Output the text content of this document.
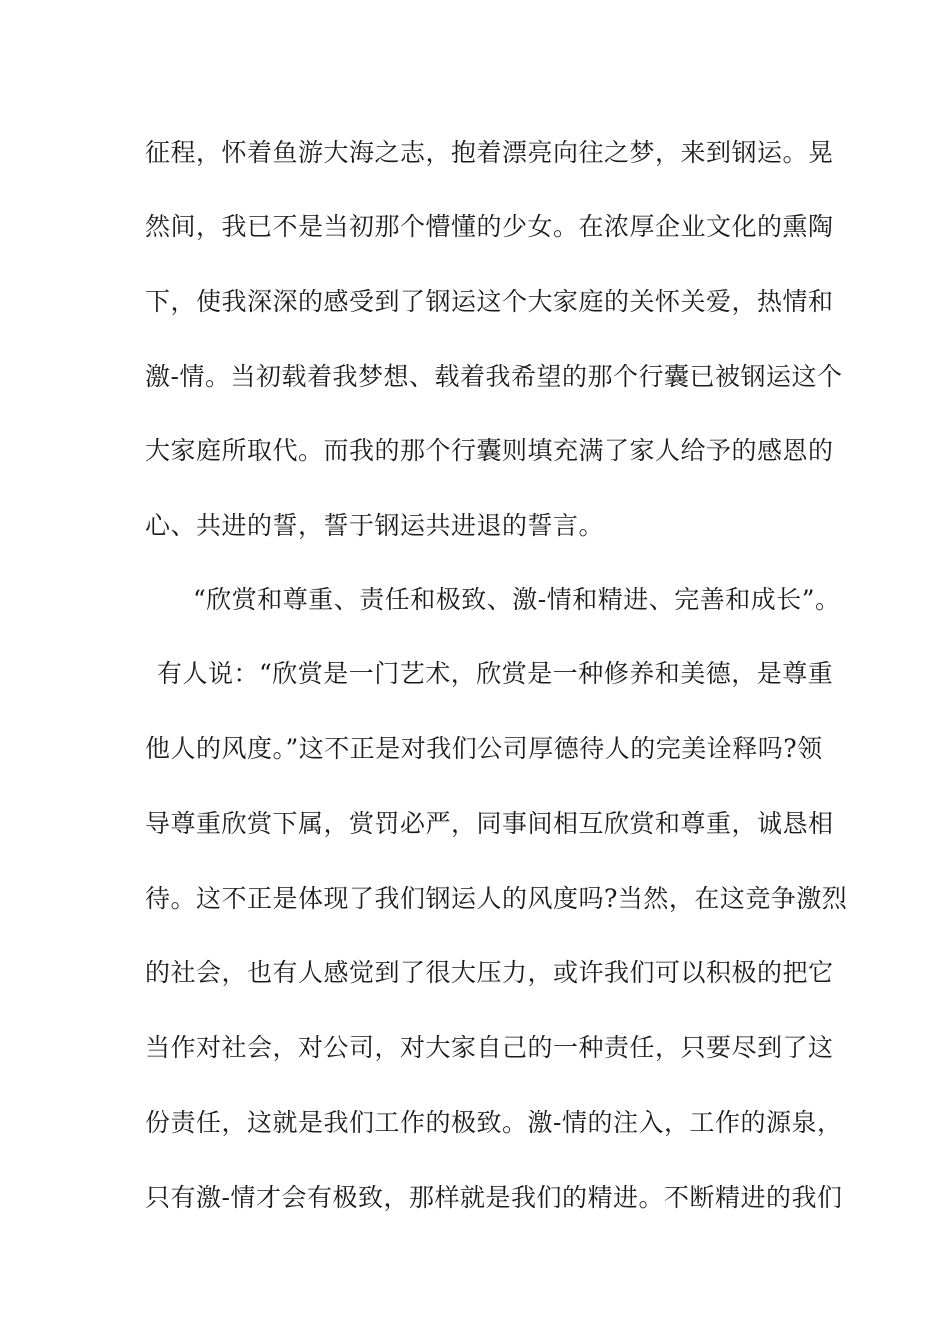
征程，怀着鱼游大海之志，抱着漂亮向往之梦，来到钢运。晃
然间，我已不是当初那个懵懂的少女。在浓厚企业文化的熏陶
下，使我深深的感受到了钢运这个大家庭的关怀关爱，热情和
激-情。当初载着我梦想、载着我希望的那个行囊已被钢运这个
大家庭所取代。而我的那个行囊则填充满了家人给予的感恩的
心、共进的誓，誓于钢运共进退的誓言。
“欣赏和尊重、责任和极致、激-情和精进、完善和成长”。
有人说：“欣赏是一门艺术，欣赏是一种修养和美德，是尊重
他人的风度。”这不正是对我们公司厚德待人的完美诠释吗?领
导尊重欣赏下属，赏罚必严，同事间相互欣赏和尊重，诚恳相
待。这不正是体现了我们钢运人的风度吗?当然，在这竞争激烈
的社会，也有人感觉到了很大压力，或许我们可以积极的把它
当作对社会，对公司，对大家自己的一种责任，只要尽到了这
份责任，这就是我们工作的极致。激-情的注入，工作的源泉，
只有激-情才会有极致，那样就是我们的精进。不断精进的我们
